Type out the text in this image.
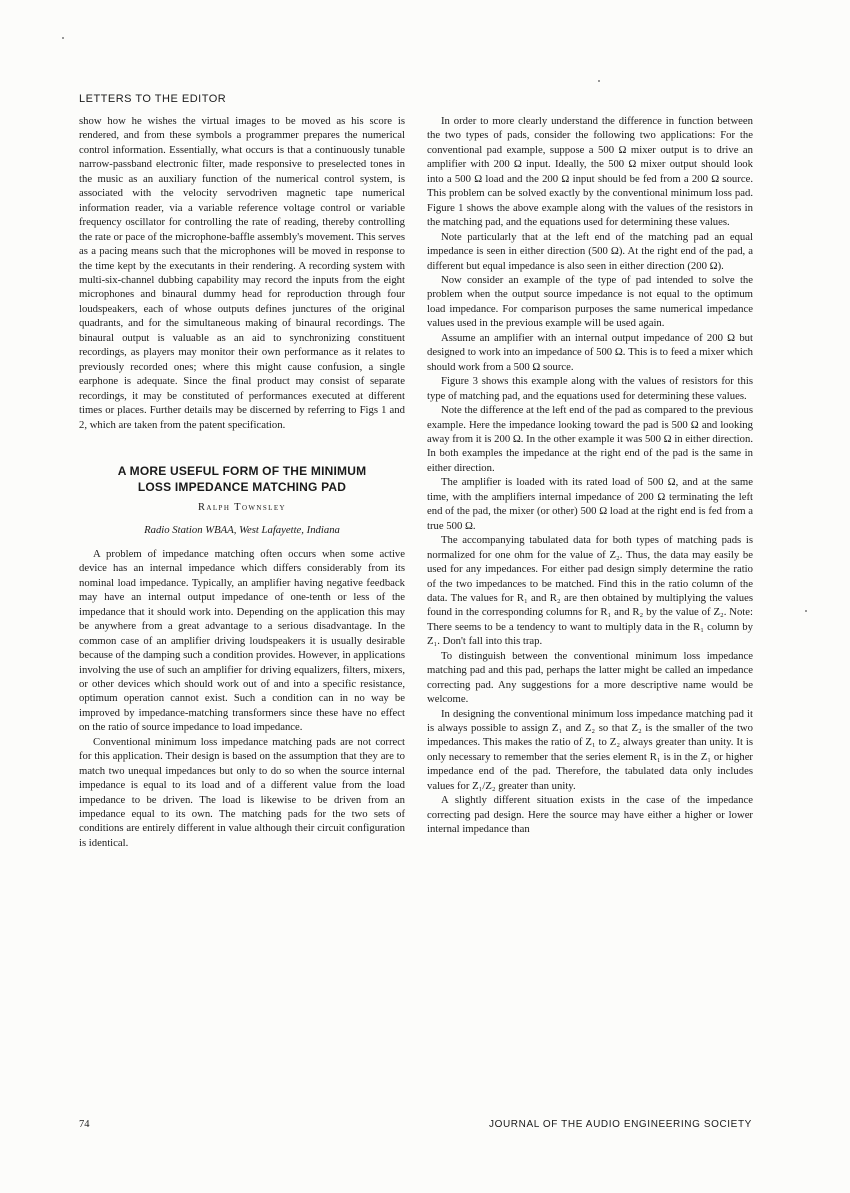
LETTERS TO THE EDITOR

show how he wishes the virtual images to be moved as his score is rendered, and from these symbols a programmer prepares the numerical control information. Essentially, what occurs is that a continuously tunable narrow-passband electronic filter, made responsive to preselected tones in the music as an auxiliary function of the numerical control system, is associated with the velocity servodriven magnetic tape numerical information reader, via a variable reference voltage control or variable frequency oscillator for controlling the rate of reading, thereby controlling the rate or pace of the microphone-baffle assembly's movement. This serves as a pacing means such that the microphones will be moved in response to the time kept by the executants in their rendering. A recording system with multi-six-channel dubbing capability may record the inputs from the eight microphones and binaural dummy head for reproduction through four loudspeakers, each of whose outputs defines junctures of the original quadrants, and for the simultaneous making of binaural recordings. The binaural output is valuable as an aid to synchronizing constituent recordings, as players may monitor their own performance as it relates to previously recorded ones; where this might cause confusion, a single earphone is adequate. Since the final product may consist of separate recordings, it may be constituted of performances executed at different times or places. Further details may be discerned by referring to Figs 1 and 2, which are taken from the patent specification.

A MORE USEFUL FORM OF THE MINIMUM
LOSS IMPEDANCE MATCHING PAD
Ralph Townsley
Radio Station WBAA, West Lafayette, Indiana

A problem of impedance matching often occurs when some active device has an internal impedance which differs considerably from its nominal load impedance. Typically, an amplifier having negative feedback may have an internal output impedance of one-tenth or less of the impedance that it should work into. Depending on the application this may be anywhere from a great advantage to a serious disadvantage. In the common case of an amplifier driving loudspeakers it is usually desirable because of the damping such a condition provides. However, in applications involving the use of such an amplifier for driving equalizers, filters, mixers, or other devices which should work out of and into a specific resistance, optimum operation cannot exist. Such a condition can in no way be improved by impedance-matching transformers since these have no effect on the ratio of source impedance to load impedance.

Conventional minimum loss impedance matching pads are not correct for this application. Their design is based on the assumption that they are to match two unequal impedances but only to do so when the source internal impedance is equal to its load and of a different value from the load impedance to be driven. The load is likewise to be driven from an impedance equal to its own. The matching pads for the two sets of conditions are entirely different in value although their circuit configuration is identical.

In order to more clearly understand the difference in function between the two types of pads, consider the following two applications: For the conventional pad example, suppose a 500 Ω mixer output is to drive an amplifier with 200 Ω input. Ideally, the 500 Ω mixer output should look into a 500 Ω load and the 200 Ω input should be fed from a 200 Ω source. This problem can be solved exactly by the conventional minimum loss pad. Figure 1 shows the above example along with the values of the resistors in the matching pad, and the equations used for determining these values.

Note particularly that at the left end of the matching pad an equal impedance is seen in either direction (500 Ω). At the right end of the pad, a different but equal impedance is also seen in either direction (200 Ω).

Now consider an example of the type of pad intended to solve the problem when the output source impedance is not equal to the optimum load impedance. For comparison purposes the same numerical impedance values used in the previous example will be used again.

Assume an amplifier with an internal output impedance of 200 Ω but designed to work into an impedance of 500 Ω. This is to feed a mixer which should work from a 500 Ω source.

Figure 3 shows this example along with the values of resistors for this type of matching pad, and the equations used for determining these values.

Note the difference at the left end of the pad as compared to the previous example. Here the impedance looking toward the pad is 500 Ω and looking away from it is 200 Ω. In the other example it was 500 Ω in either direction. In both examples the impedance at the right end of the pad is the same in either direction.

The amplifier is loaded with its rated load of 500 Ω, and at the same time, with the amplifiers internal impedance of 200 Ω terminating the left end of the pad, the mixer (or other) 500 Ω load at the right end is fed from a true 500 Ω.

The accompanying tabulated data for both types of matching pads is normalized for one ohm for the value of Z₂. Thus, the data may easily be used for any impedances. For either pad design simply determine the ratio of the two impedances to be matched. Find this in the ratio column of the data. The values for R₁ and R₂ are then obtained by multiplying the values found in the corresponding columns for R₁ and R₂ by the value of Z₂. Note: There seems to be a tendency to want to multiply data in the R₁ column by Z₁. Don't fall into this trap.

To distinguish between the conventional minimum loss impedance matching pad and this pad, perhaps the latter might be called an impedance correcting pad. Any suggestions for a more descriptive name would be welcome.

In designing the conventional minimum loss impedance matching pad it is always possible to assign Z₁ and Z₂ so that Z₂ is the smaller of the two impedances. This makes the ratio of Z₁ to Z₂ always greater than unity. It is only necessary to remember that the series element R₁ is in the Z₁ or higher impedance end of the pad. Therefore, the tabulated data only includes values for Z₁/Z₂ greater than unity.

A slightly different situation exists in the case of the impedance correcting pad design. Here the source may have either a higher or lower internal impedance than

74	JOURNAL OF THE AUDIO ENGINEERING SOCIETY
